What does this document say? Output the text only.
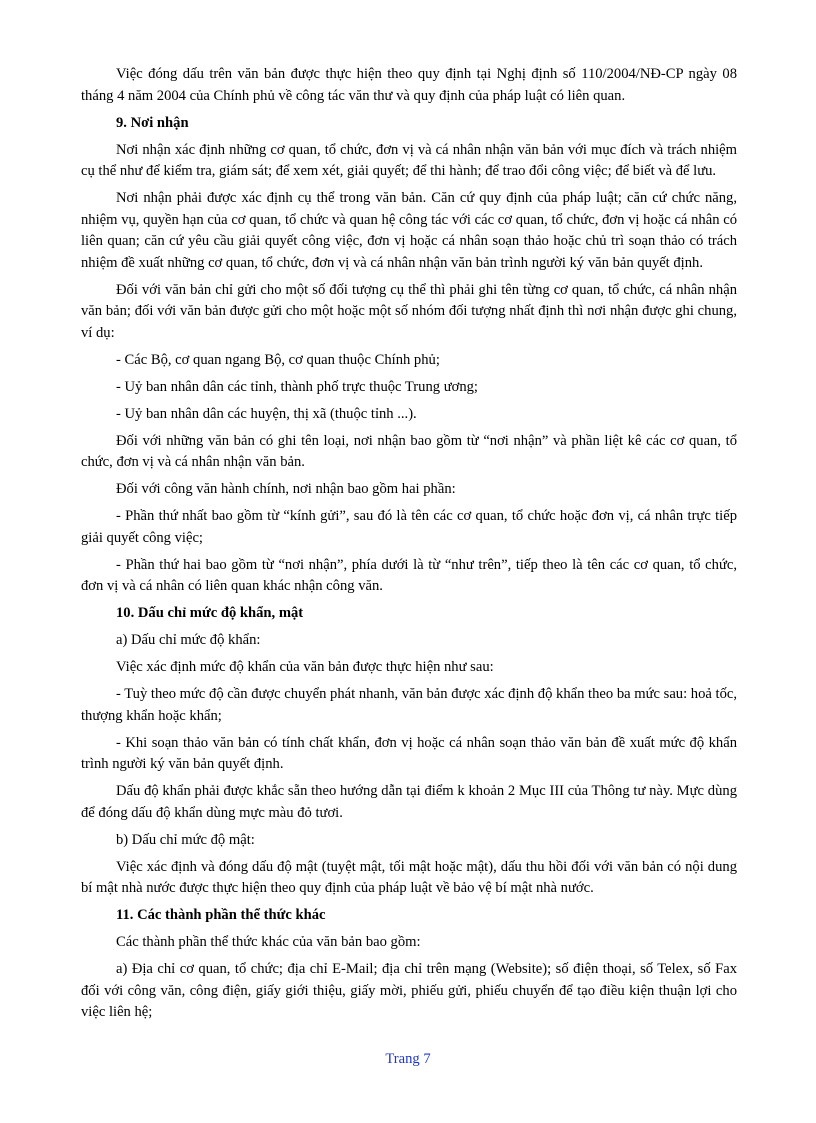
Việc đóng dấu trên văn bản được thực hiện theo quy định tại Nghị định số 110/2004/NĐ-CP ngày 08 tháng 4 năm 2004 của Chính phủ về công tác văn thư và quy định của pháp luật có liên quan.

9. Nơi nhận

Nơi nhận xác định những cơ quan, tổ chức, đơn vị và cá nhân nhận văn bản với mục đích và trách nhiệm cụ thể như để kiểm tra, giám sát; để xem xét, giải quyết; để thi hành; để trao đổi công việc; để biết và để lưu.

Nơi nhận phải được xác định cụ thể trong văn bản. Căn cứ quy định của pháp luật; căn cứ chức năng, nhiệm vụ, quyền hạn của cơ quan, tổ chức và quan hệ công tác với các cơ quan, tổ chức, đơn vị hoặc cá nhân có liên quan; căn cứ yêu cầu giải quyết công việc, đơn vị hoặc cá nhân soạn thảo hoặc chủ trì soạn thảo có trách nhiệm đề xuất những cơ quan, tổ chức, đơn vị và cá nhân nhận văn bản trình người ký văn bản quyết định.

Đối với văn bản chỉ gửi cho một số đối tượng cụ thể thì phải ghi tên từng cơ quan, tổ chức, cá nhân nhận văn bản; đối với văn bản được gửi cho một hoặc một số nhóm đối tượng nhất định thì nơi nhận được ghi chung, ví dụ:

- Các Bộ, cơ quan ngang Bộ, cơ quan thuộc Chính phủ;

- Uỷ ban nhân dân các tỉnh, thành phố trực thuộc Trung ương;

- Uỷ ban nhân dân các huyện, thị xã (thuộc tỉnh ...).

Đối với những văn bản có ghi tên loại, nơi nhận bao gồm từ “nơi nhận” và phần liệt kê các cơ quan, tổ chức, đơn vị và cá nhân nhận văn bản.

Đối với công văn hành chính, nơi nhận bao gồm hai phần:

- Phần thứ nhất bao gồm từ “kính gửi”, sau đó là tên các cơ quan, tổ chức hoặc đơn vị, cá nhân trực tiếp giải quyết công việc;

- Phần thứ hai bao gồm từ “nơi nhận”, phía dưới là từ “như trên”, tiếp theo là tên các cơ quan, tổ chức, đơn vị và cá nhân có liên quan khác nhận công văn.

10. Dấu chỉ mức độ khẩn, mật

a) Dấu chỉ mức độ khẩn:

Việc xác định mức độ khẩn của văn bản được thực hiện như sau:

- Tuỳ theo mức độ cần được chuyển phát nhanh, văn bản được xác định độ khẩn theo ba mức sau: hoả tốc, thượng khẩn hoặc khẩn;

- Khi soạn thảo văn bản có tính chất khẩn, đơn vị hoặc cá nhân soạn thảo văn bản đề xuất mức độ khẩn trình người ký văn bản quyết định.

Dấu độ khẩn phải được khắc sẵn theo hướng dẫn tại điểm k khoản 2 Mục III của Thông tư này. Mực dùng để đóng dấu độ khẩn dùng mực màu đỏ tươi.

b) Dấu chỉ mức độ mật:

Việc xác định và đóng dấu độ mật (tuyệt mật, tối mật hoặc mật), dấu thu hồi đối với văn bản có nội dung bí mật nhà nước được thực hiện theo quy định của pháp luật về bảo vệ bí mật nhà nước.

11. Các thành phần thể thức khác

Các thành phần thể thức khác của văn bản bao gồm:

a) Địa chỉ cơ quan, tổ chức; địa chỉ E-Mail; địa chỉ trên mạng (Website); số điện thoại, số Telex, số Fax đối với công văn, công điện, giấy giới thiệu, giấy mời, phiếu gửi, phiếu chuyển để tạo điều kiện thuận lợi cho việc liên hệ;

Trang 7
